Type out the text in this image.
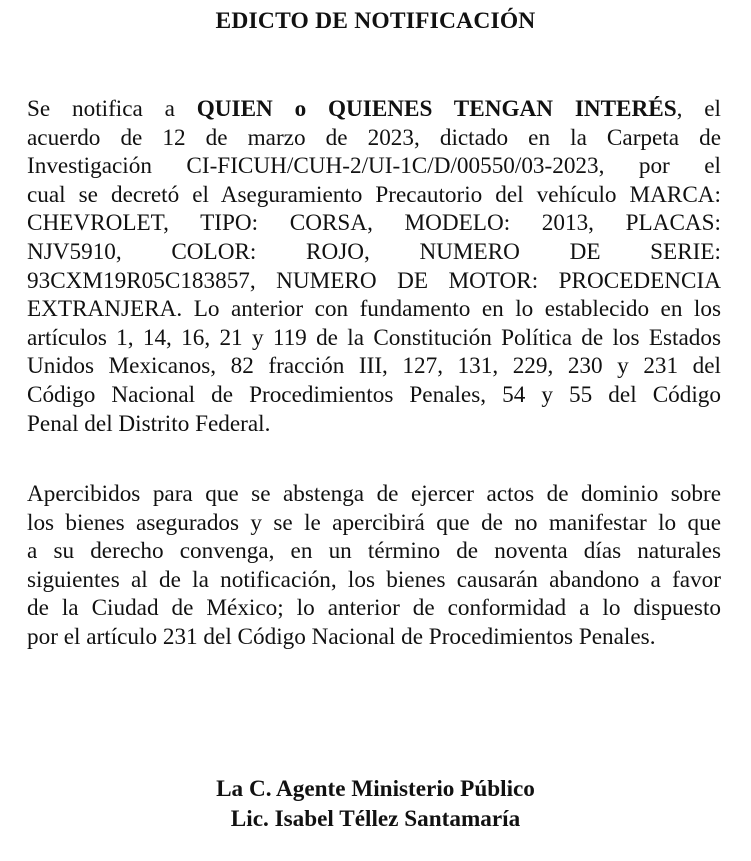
EDICTO DE NOTIFICACIÓN
Se notifica a QUIEN o QUIENES TENGAN INTERÉS, el
acuerdo de 12 de marzo de 2023, dictado en la Carpeta de
Investigación CI-FICUH/CUH-2/UI-1C/D/00550/03-2023, por el
cual se decretó el Aseguramiento Precautorio del vehículo MARCA:
CHEVROLET, TIPO: CORSA, MODELO: 2013, PLACAS:
NJV5910, COLOR: ROJO, NUMERO DE SERIE:
93CXM19R05C183857, NUMERO DE MOTOR: PROCEDENCIA
EXTRANJERA. Lo anterior con fundamento en lo establecido en los
artículos 1, 14, 16, 21 y 119 de la Constitución Política de los Estados
Unidos Mexicanos, 82 fracción III, 127, 131, 229, 230 y 231 del
Código Nacional de Procedimientos Penales, 54 y 55 del Código
Penal del Distrito Federal.
Apercibidos para que se abstenga de ejercer actos de dominio sobre
los bienes asegurados y se le apercibirá que de no manifestar lo que
a su derecho convenga, en un término de noventa días naturales
siguientes al de la notificación, los bienes causarán abandono a favor
de la Ciudad de México; lo anterior de conformidad a lo dispuesto
por el artículo 231 del Código Nacional de Procedimientos Penales.
La C. Agente Ministerio Público
Lic. Isabel Téllez Santamaría
